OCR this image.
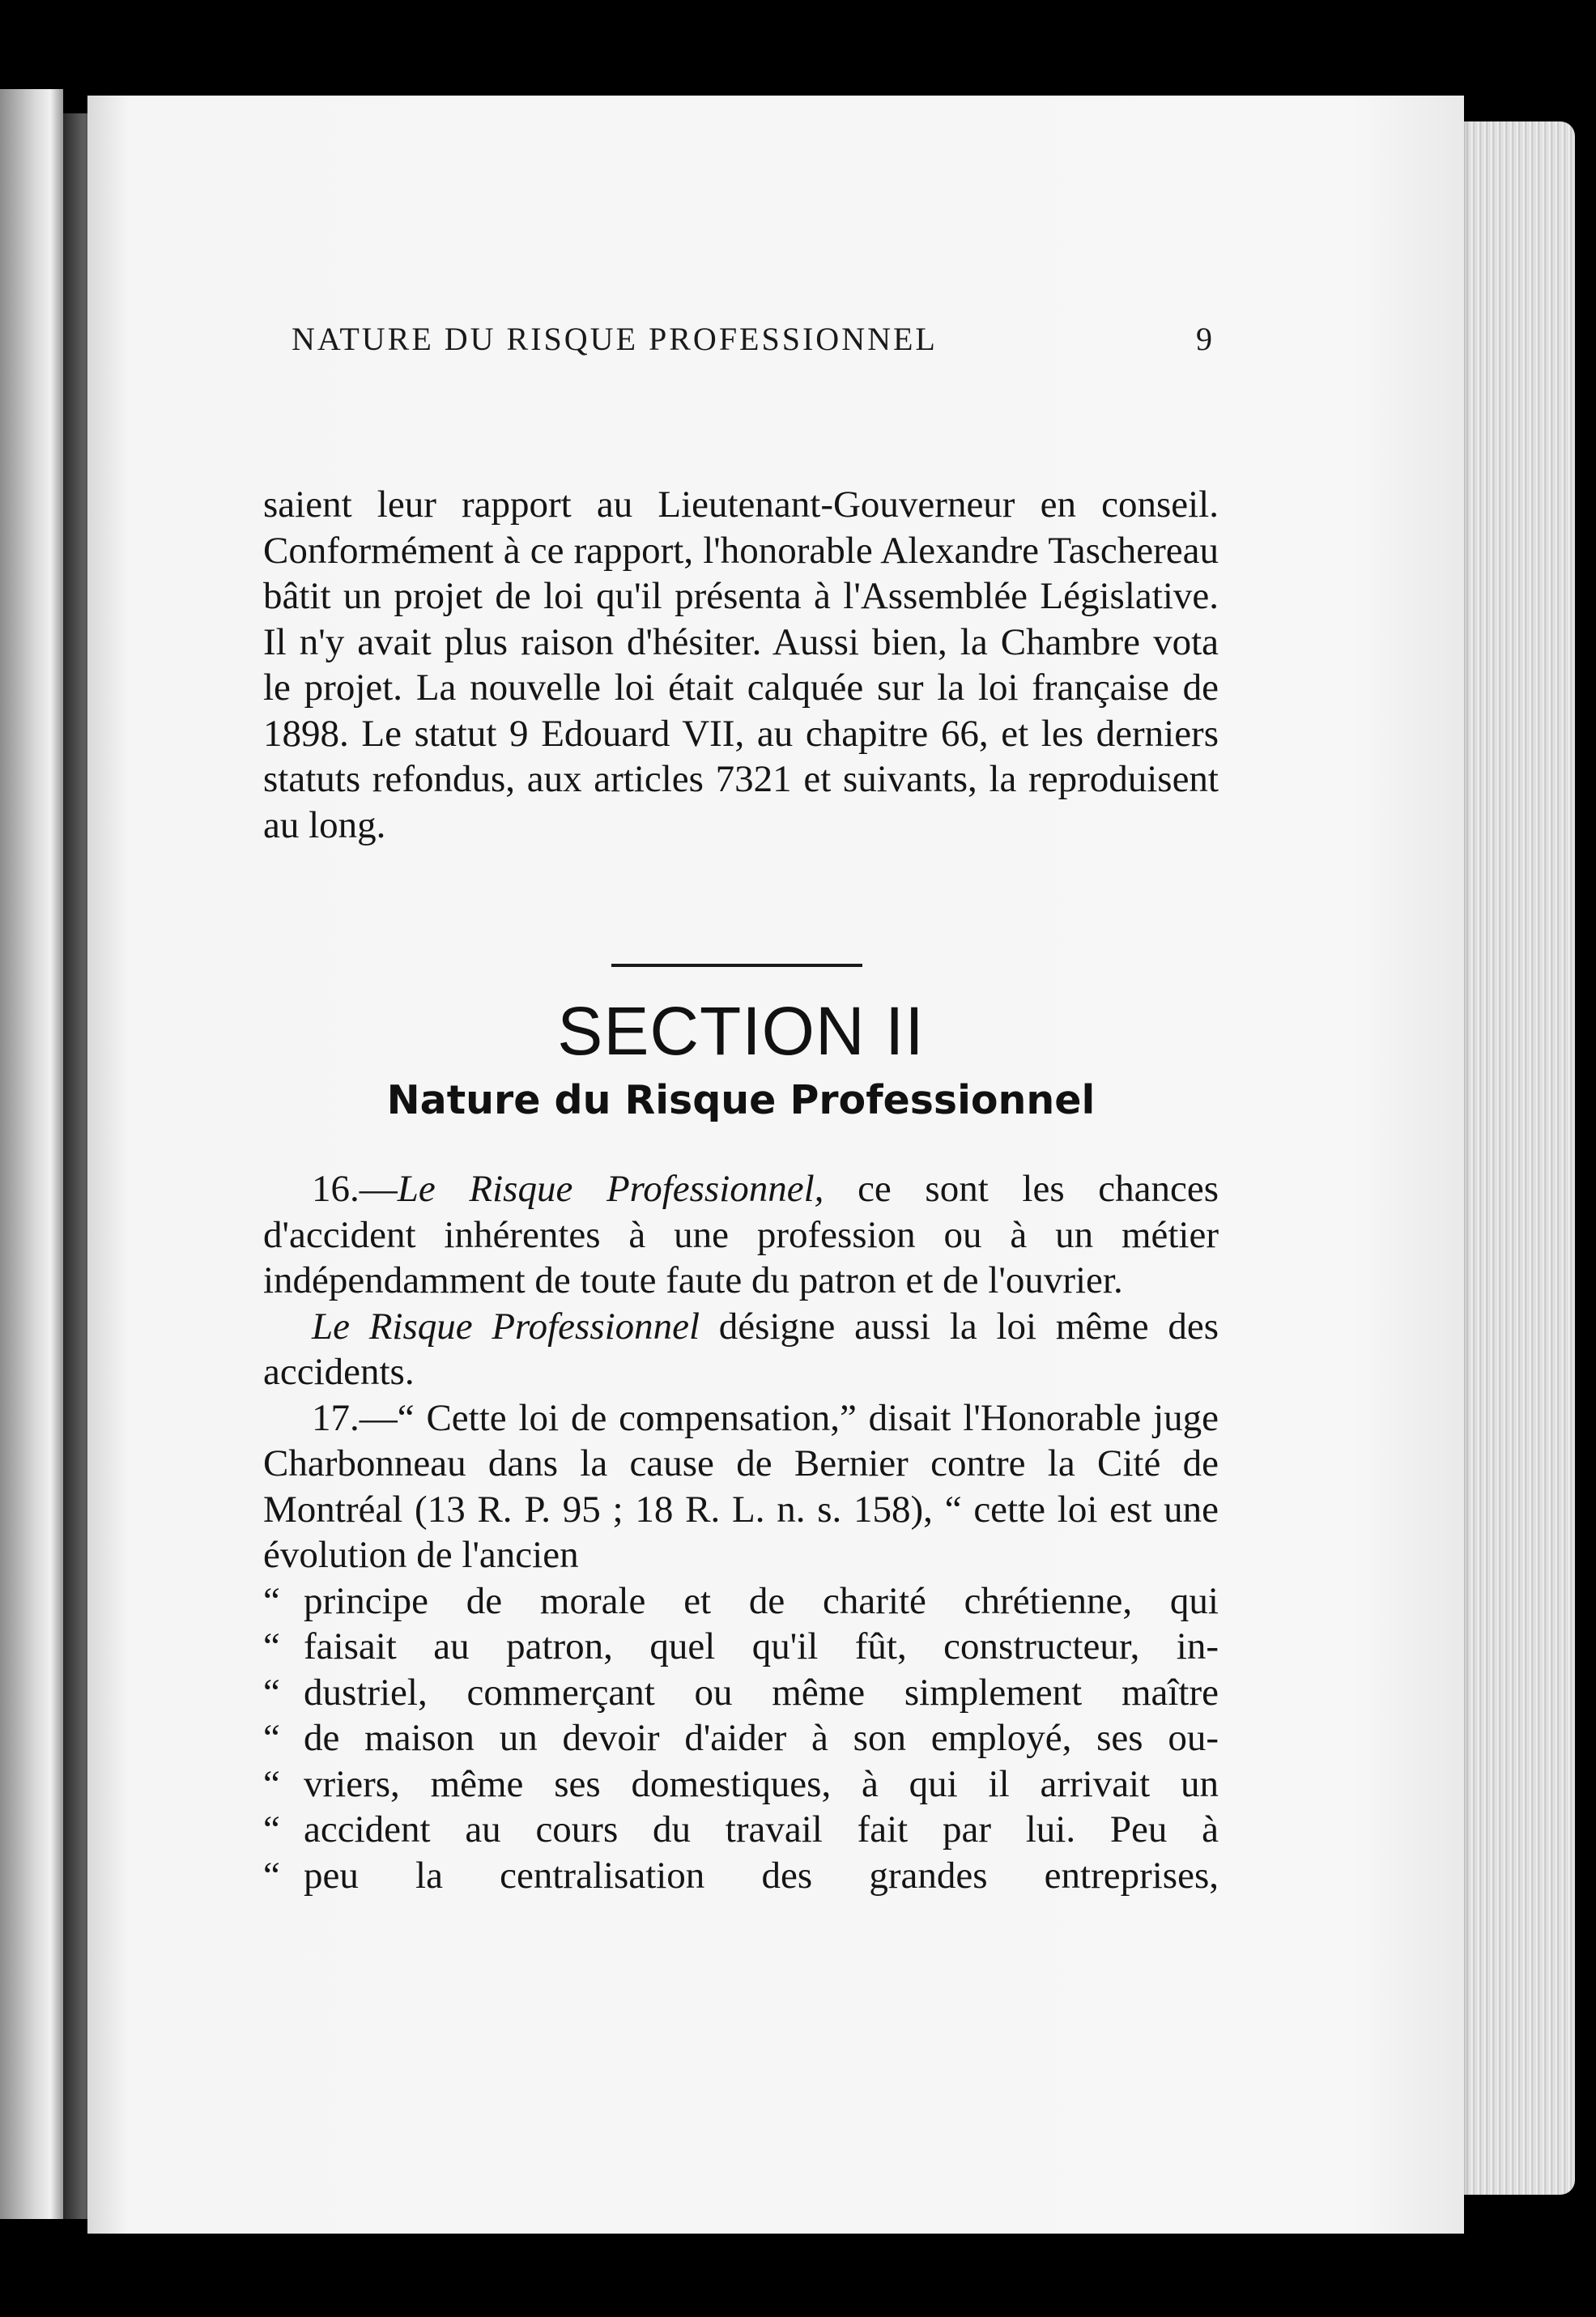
NATURE DU RISQUE PROFESSIONNEL	9

saient leur rapport au Lieutenant-Gouverneur en conseil. Conformément à ce rapport, l'honorable Alexandre Taschereau bâtit un projet de loi qu'il présenta à l'Assemblée Législative. Il n'y avait plus raison d'hésiter. Aussi bien, la Chambre vota le projet. La nouvelle loi était calquée sur la loi française de 1898. Le statut 9 Edouard VII, au chapitre 66, et les derniers statuts refondus, aux articles 7321 et suivants, la reproduisent au long.

SECTION II
Nature du Risque Professionnel

16.—Le Risque Professionnel, ce sont les chances d'accident inhérentes à une profession ou à un métier indépendamment de toute faute du patron et de l'ouvrier.

Le Risque Professionnel désigne aussi la loi même des accidents.

17.—“ Cette loi de compensation,” disait l'Honorable juge Charbonneau dans la cause de Bernier contre la Cité de Montréal (13 R. P. 95 ; 18 R. L. n. s. 158), “ cette loi est une évolution de l'ancien

“ principe de morale et de charité chrétienne, qui
“ faisait au patron, quel qu'il fût, constructeur, in-
“ dustriel, commerçant ou même simplement maître
“ de maison un devoir d'aider à son employé, ses ou-
“ vriers, même ses domestiques, à qui il arrivait un
“ accident au cours du travail fait par lui. Peu à
“ peu la centralisation des grandes entreprises,
